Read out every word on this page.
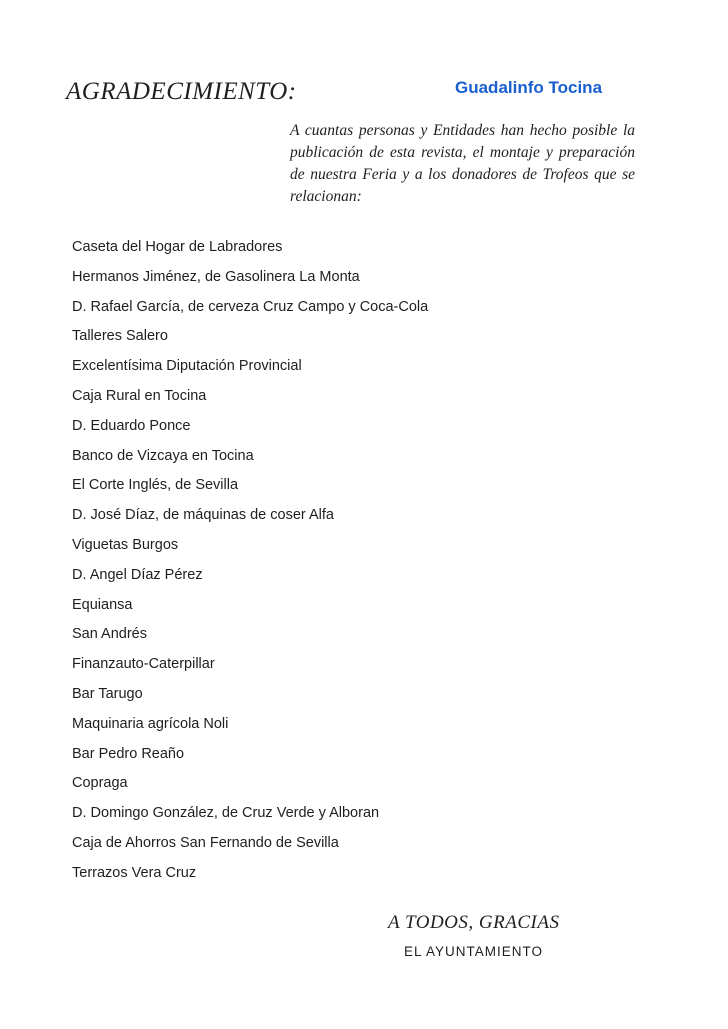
AGRADECIMIENTO:	Guadalinfo Tocina

A cuantas personas y Entidades han hecho posible la publicación de esta revista, el montaje y preparación de nuestra Feria y a los donadores de Trofeos que se relacionan:

Caseta del Hogar de Labradores
Hermanos Jiménez, de Gasolinera La Monta
D. Rafael García, de cerveza Cruz Campo y Coca-Cola
Talleres Salero
Excelentísima Diputación Provincial
Caja Rural en Tocina
D. Eduardo Ponce
Banco de Vizcaya en Tocina
El Corte Inglés, de Sevilla
D. José Díaz, de máquinas de coser Alfa
Viguetas Burgos
D. Angel Díaz Pérez
Equiansa
San Andrés
Finanzauto-Caterpillar
Bar Tarugo
Maquinaria agrícola Noli
Bar Pedro Reaño
Copraga
D. Domingo González, de Cruz Verde y Alboran
Caja de Ahorros San Fernando de Sevilla
Terrazos Vera Cruz
A TODOS, GRACIAS
EL AYUNTAMIENTO
